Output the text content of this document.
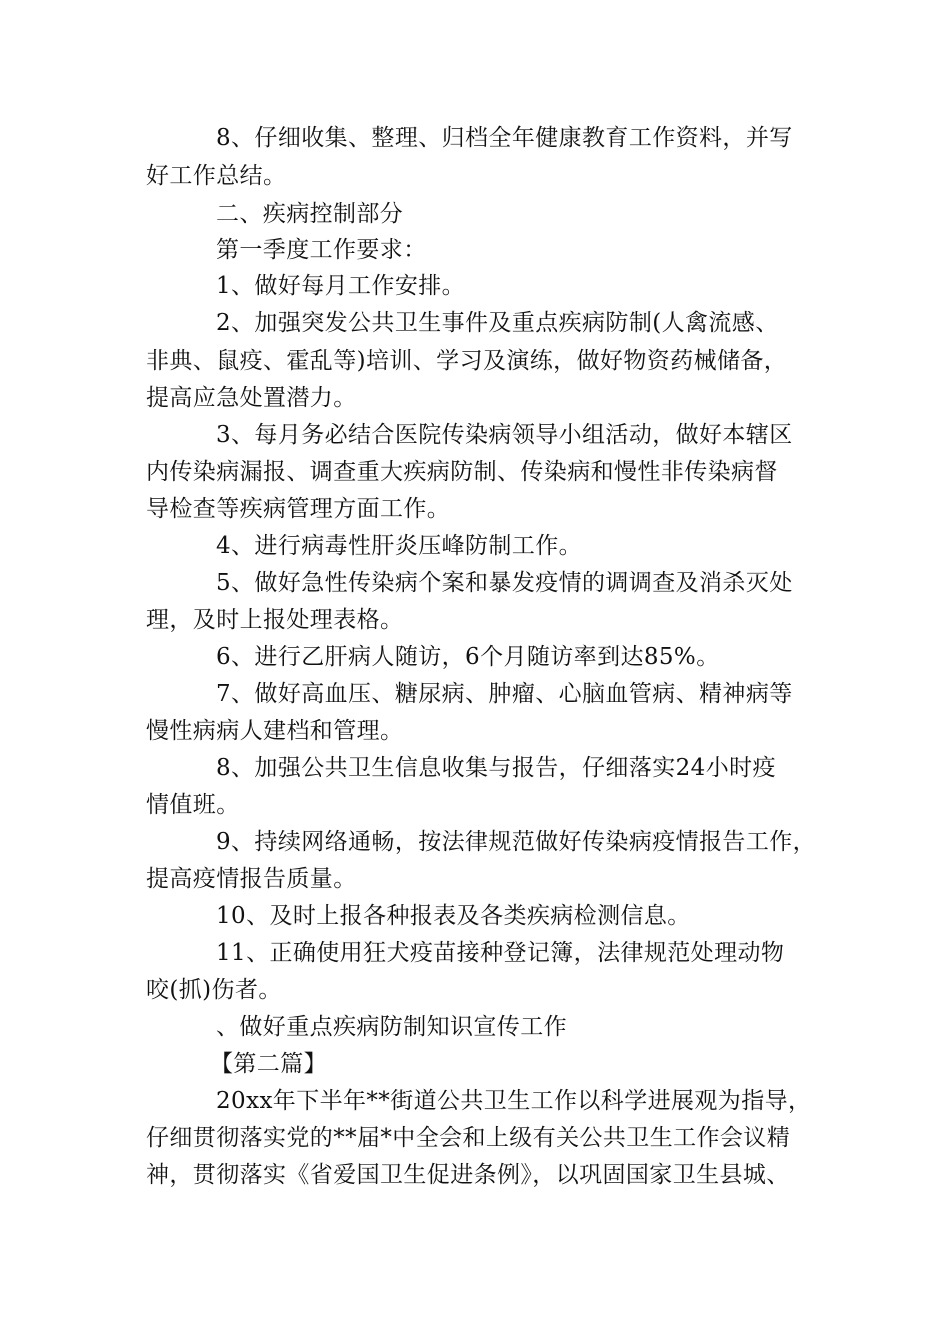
8、仔细收集、整理、归档全年健康教育工作资料，并写
好工作总结。
二、疾病控制部分
第一季度工作要求：
1、做好每月工作安排。
2、加强突发公共卫生事件及重点疾病防制(人禽流感、
非典、鼠疫、霍乱等)培训、学习及演练，做好物资药械储备，
提高应急处置潜力。
3、每月务必结合医院传染病领导小组活动，做好本辖区
内传染病漏报、调查重大疾病防制、传染病和慢性非传染病督
导检查等疾病管理方面工作。
4、进行病毒性肝炎压峰防制工作。
5、做好急性传染病个案和暴发疫情的调调查及消杀灭处
理，及时上报处理表格。
6、进行乙肝病人随访，6个月随访率到达85%。
7、做好高血压、糖尿病、肿瘤、心脑血管病、精神病等
慢性病病人建档和管理。
8、加强公共卫生信息收集与报告，仔细落实24小时疫
情值班。
9、持续网络通畅，按法律规范做好传染病疫情报告工作，
提高疫情报告质量。
10、及时上报各种报表及各类疾病检测信息。
11、正确使用狂犬疫苗接种登记簿，法律规范处理动物
咬(抓)伤者。
、做好重点疾病防制知识宣传工作
【第二篇】
20xx年下半年**街道公共卫生工作以科学进展观为指导，
仔细贯彻落实党的**届*中全会和上级有关公共卫生工作会议精
神，贯彻落实《省爱国卫生促进条例》，以巩固国家卫生县城、
